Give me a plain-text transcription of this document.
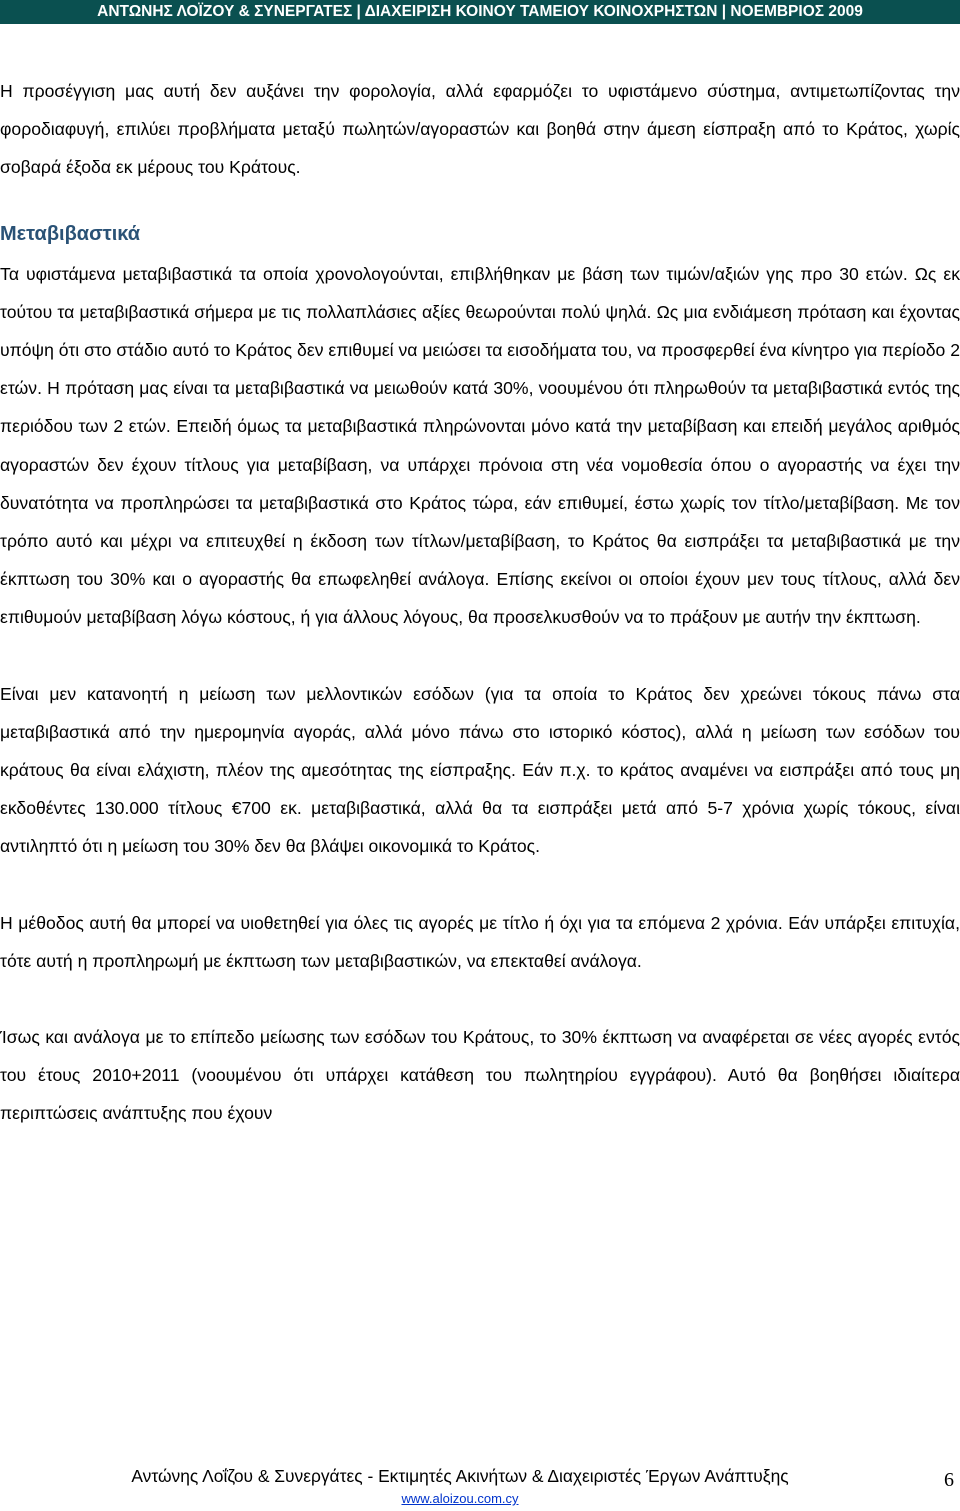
ΑΝΤΩΝΗΣ ΛΟΪΖΟΥ & ΣΥΝΕΡΓΑΤΕΣ | ΔΙΑΧΕΙΡΙΣΗ ΚΟΙΝΟΥ ΤΑΜΕΙΟΥ ΚΟΙΝΟΧΡΗΣΤΩΝ | ΝΟΕΜΒΡΙΟΣ 2009

Η προσέγγιση μας αυτή δεν αυξάνει την φορολογία, αλλά εφαρμόζει το υφιστάμενο σύστημα, αντιμετωπίζοντας την φοροδιαφυγή, επιλύει προβλήματα μεταξύ πωλητών/αγοραστών και βοηθά στην άμεση είσπραξη από το Κράτος, χωρίς σοβαρά έξοδα εκ μέρους του Κράτους.

Μεταβιβαστικά

Τα υφιστάμενα μεταβιβαστικά τα οποία χρονολογούνται, επιβλήθηκαν με βάση των τιμών/αξιών γης προ 30 ετών. Ως εκ τούτου τα μεταβιβαστικά σήμερα με τις πολλαπλάσιες αξίες θεωρούνται πολύ ψηλά. Ως μια ενδιάμεση πρόταση και έχοντας υπόψη ότι στο στάδιο αυτό το Κράτος δεν επιθυμεί να μειώσει τα εισοδήματα του, να προσφερθεί ένα κίνητρο για περίοδο 2 ετών. Η πρόταση μας είναι τα μεταβιβαστικά να μειωθούν κατά 30%, νοουμένου ότι πληρωθούν τα μεταβιβαστικά εντός της περιόδου των 2 ετών. Επειδή όμως τα μεταβιβαστικά πληρώνονται μόνο κατά την μεταβίβαση και επειδή μεγάλος αριθμός αγοραστών δεν έχουν τίτλους για μεταβίβαση, να υπάρχει πρόνοια στη νέα νομοθεσία όπου ο αγοραστής να έχει την δυνατότητα να προπληρώσει τα μεταβιβαστικά στο Κράτος τώρα, εάν επιθυμεί, έστω χωρίς τον τίτλο/μεταβίβαση. Με τον τρόπο αυτό και μέχρι να επιτευχθεί η έκδοση των τίτλων/μεταβίβαση, το Κράτος θα εισπράξει τα μεταβιβαστικά με την έκπτωση του 30% και ο αγοραστής θα επωφεληθεί ανάλογα. Επίσης εκείνοι οι οποίοι έχουν μεν τους τίτλους, αλλά δεν επιθυμούν μεταβίβαση λόγω κόστους, ή για άλλους λόγους, θα προσελκυσθούν να το πράξουν με αυτήν την έκπτωση.

Είναι μεν κατανοητή η μείωση των μελλοντικών εσόδων (για τα οποία το Κράτος δεν χρεώνει τόκους πάνω στα μεταβιβαστικά από την ημερομηνία αγοράς, αλλά μόνο πάνω στο ιστορικό κόστος), αλλά η μείωση των εσόδων του κράτους θα είναι ελάχιστη, πλέον της αμεσότητας της είσπραξης. Εάν π.χ. το κράτος αναμένει να εισπράξει από τους μη εκδοθέντες 130.000 τίτλους €700 εκ. μεταβιβαστικά, αλλά θα τα εισπράξει μετά από 5-7 χρόνια χωρίς τόκους, είναι αντιληπτό ότι η μείωση του 30% δεν θα βλάψει οικονομικά το Κράτος.

Η μέθοδος αυτή θα μπορεί να υιοθετηθεί για όλες τις αγορές με τίτλο ή όχι για τα επόμενα 2 χρόνια. Εάν υπάρξει επιτυχία, τότε αυτή η προπληρωμή με έκπτωση των μεταβιβαστικών, να επεκταθεί ανάλογα.

Ίσως και ανάλογα με το επίπεδο μείωσης των εσόδων του Κράτους, το 30% έκπτωση να αναφέρεται σε νέες αγορές εντός του έτους 2010+2011 (νοουμένου ότι υπάρχει κατάθεση του πωλητηρίου εγγράφου). Αυτό θα βοηθήσει ιδιαίτερα περιπτώσεις ανάπτυξης που έχουν

Αντώνης Λοΐζου & Συνεργάτες - Εκτιμητές Ακινήτων & Διαχειριστές Έργων Ανάπτυξης	6
www.aloizou.com.cy
